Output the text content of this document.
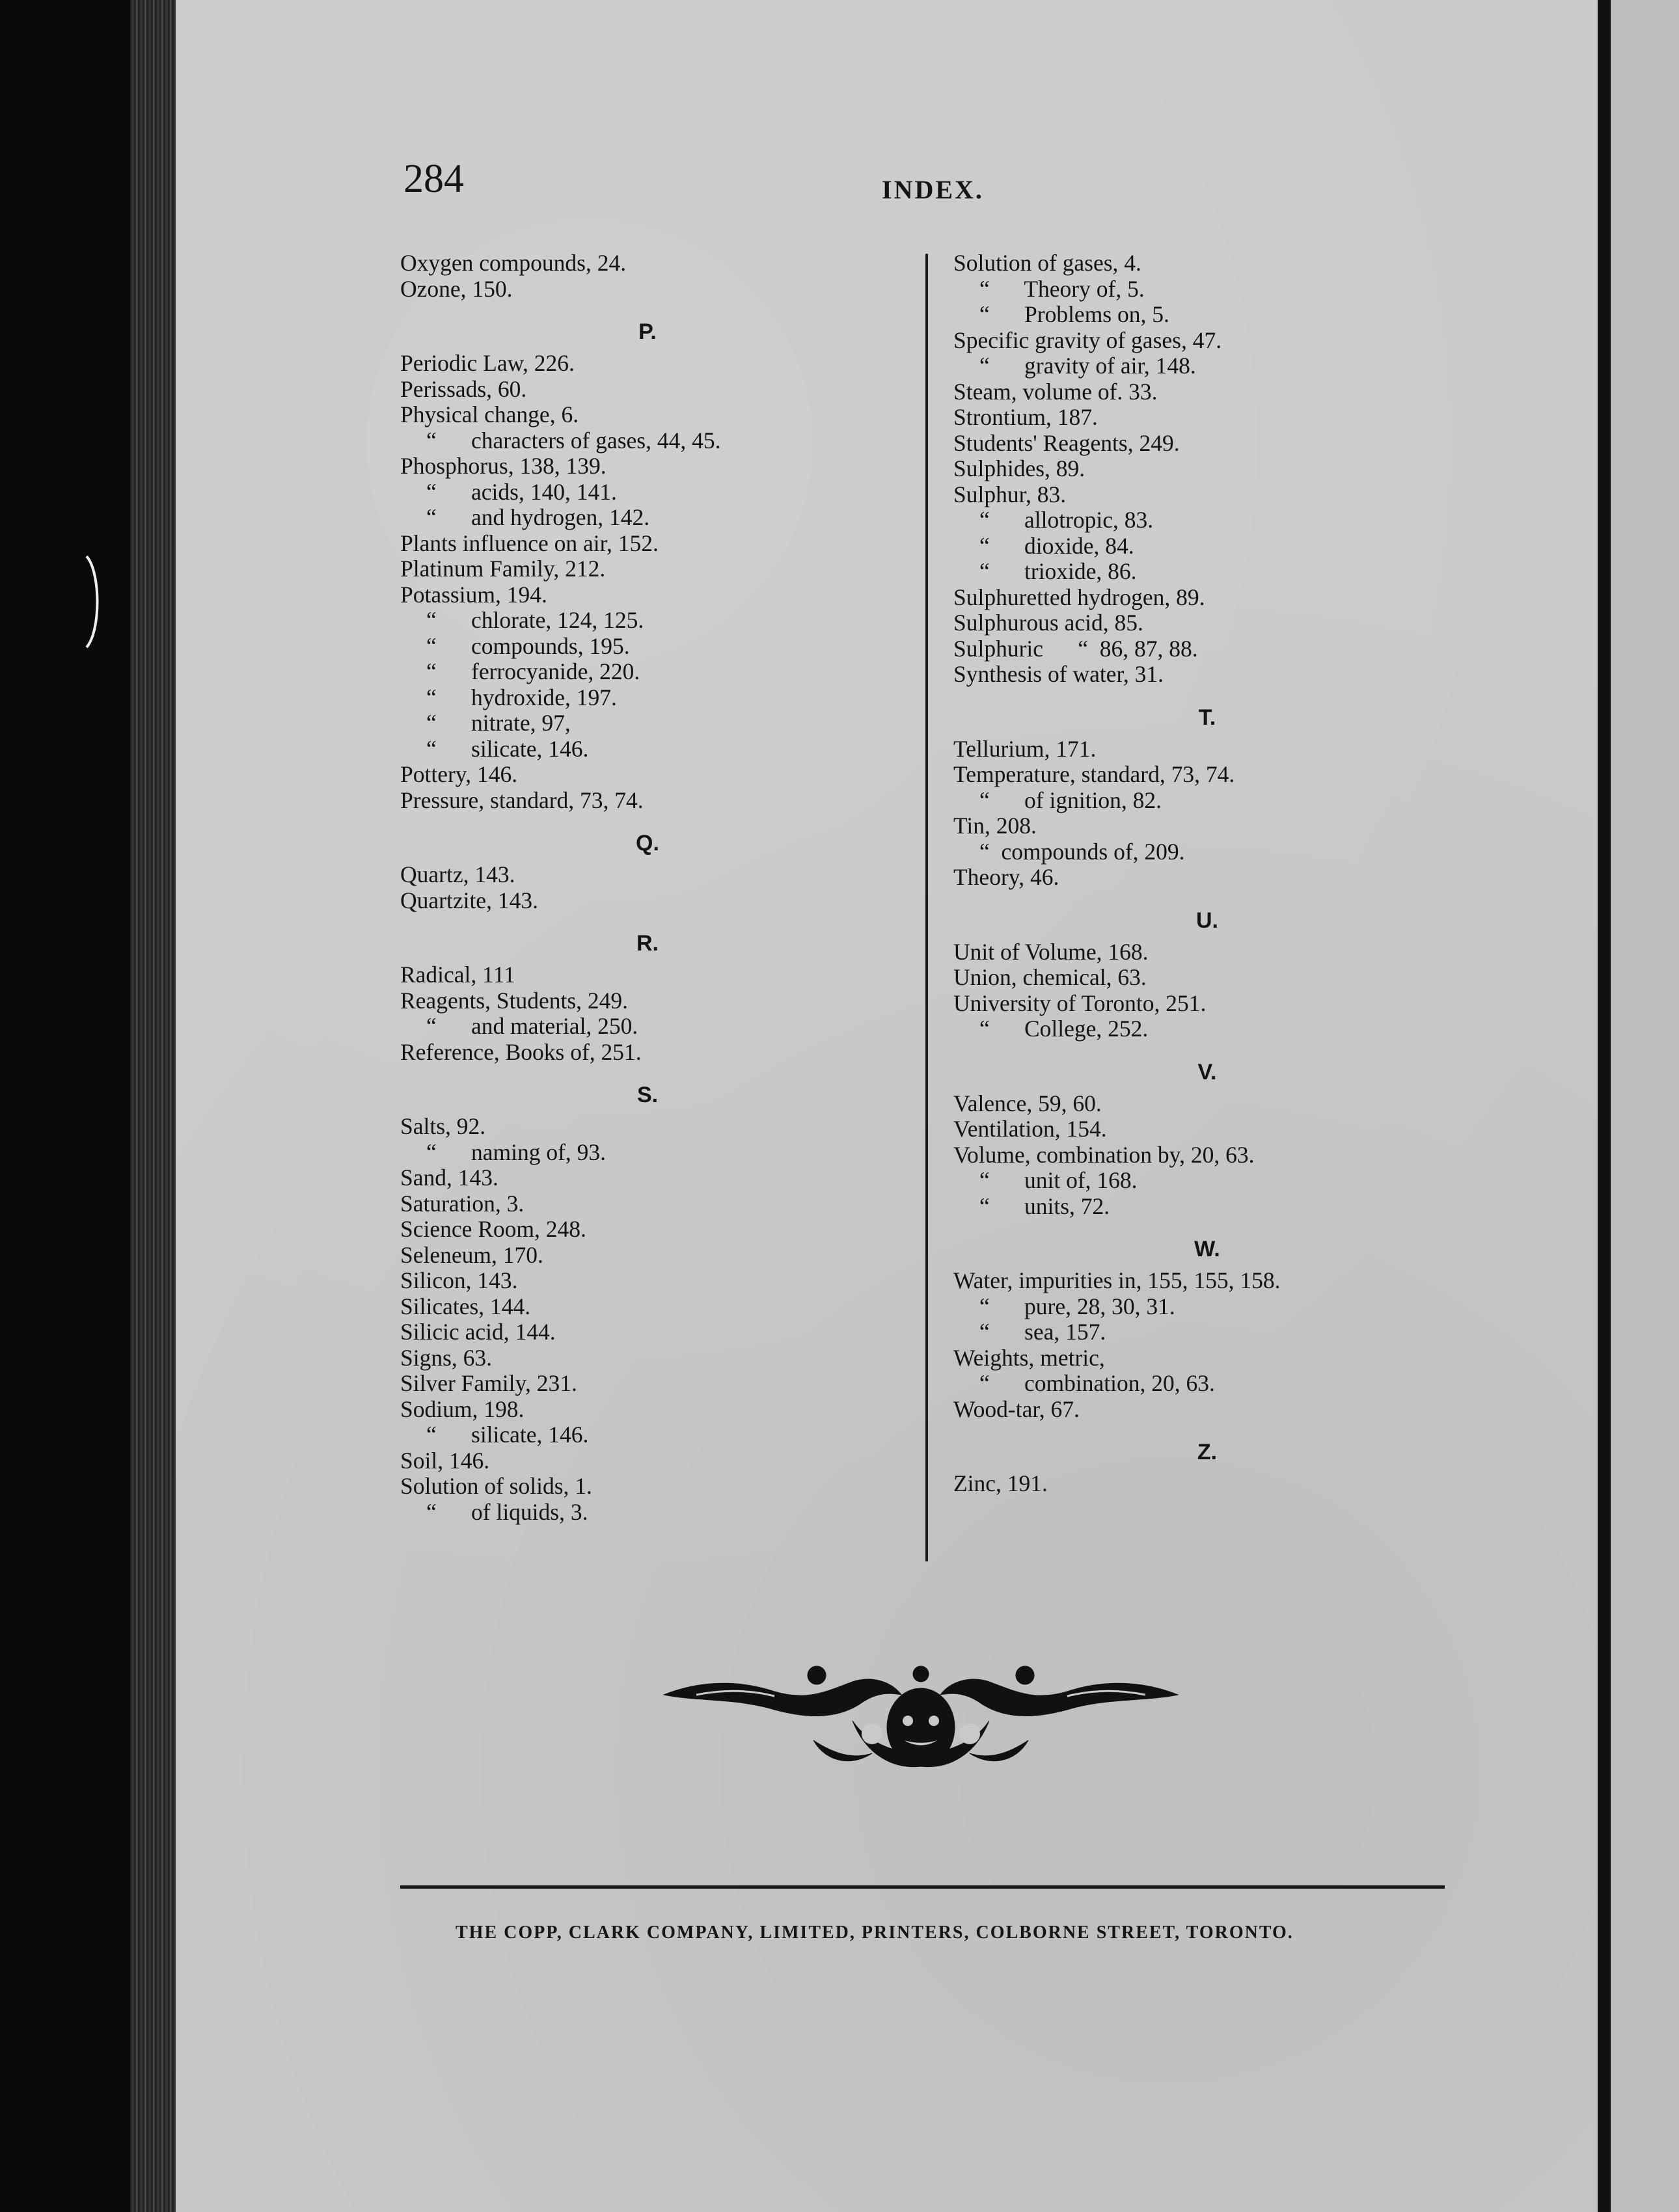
284	INDEX.
Oxygen compounds, 24.
Ozone, 150.
P.
Periodic Law, 226.
Perissads, 60.
Physical change, 6.
“      characters of gases, 44, 45.
Phosphorus, 138, 139.
“      acids, 140, 141.
“      and hydrogen, 142.
Plants influence on air, 152.
Platinum Family, 212.
Potassium, 194.
“      chlorate, 124, 125.
“      compounds, 195.
“      ferrocyanide, 220.
“      hydroxide, 197.
“      nitrate, 97,
“      silicate, 146.
Pottery, 146.
Pressure, standard, 73, 74.
Q.
Quartz, 143.
Quartzite, 143.
R.
Radical, 111
Reagents, Students, 249.
“      and material, 250.
Reference, Books of, 251.
S.
Salts, 92.
“      naming of, 93.
Sand, 143.
Saturation, 3.
Science Room, 248.
Seleneum, 170.
Silicon, 143.
Silicates, 144.
Silicic acid, 144.
Signs, 63.
Silver Family, 231.
Sodium, 198.
“      silicate, 146.
Soil, 146.
Solution of solids, 1.
“      of liquids, 3.
Solution of gases, 4.
“      Theory of, 5.
“      Problems on, 5.
Specific gravity of gases, 47.
“      gravity of air, 148.
Steam, volume of. 33.
Strontium, 187.
Students' Reagents, 249.
Sulphides, 89.
Sulphur, 83.
“      allotropic, 83.
“      dioxide, 84.
“      trioxide, 86.
Sulphuretted hydrogen, 89.
Sulphurous acid, 85.
Sulphuric      “  86, 87, 88.
Synthesis of water, 31.
T.
Tellurium, 171.
Temperature, standard, 73, 74.
“      of ignition, 82.
Tin, 208.
“  compounds of, 209.
Theory, 46.
U.
Unit of Volume, 168.
Union, chemical, 63.
University of Toronto, 251.
“      College, 252.
V.
Valence, 59, 60.
Ventilation, 154.
Volume, combination by, 20, 63.
“      unit of, 168.
“      units, 72.
W.
Water, impurities in, 155, 155, 158.
“      pure, 28, 30, 31.
“      sea, 157.
Weights, metric,
“      combination, 20, 63.
Wood-tar, 67.
Z.
Zinc, 191.
THE COPP, CLARK COMPANY, LIMITED, PRINTERS, COLBORNE STREET, TORONTO.
